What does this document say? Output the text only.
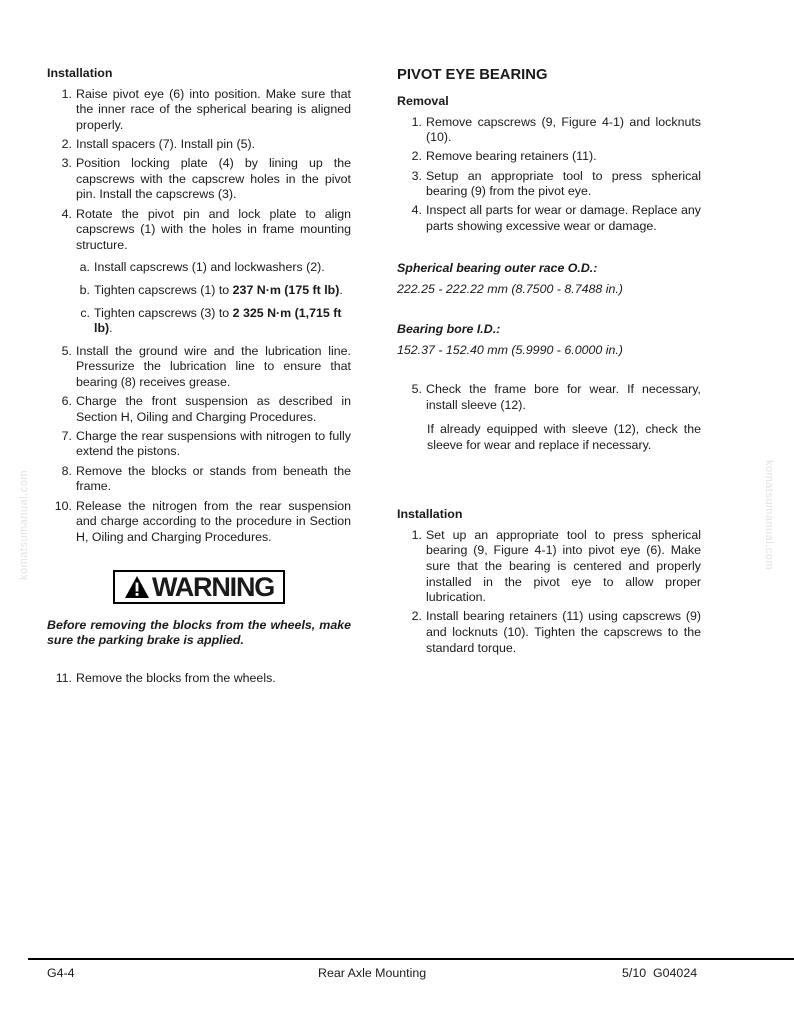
komatsumanual.com	komatsumanual.com

Installation

1. Raise pivot eye (6) into position. Make sure that the inner race of the spherical bearing is aligned properly.
2. Install spacers (7). Install pin (5).
3. Position locking plate (4) by lining up the capscrews with the capscrew holes in the pivot pin. Install the capscrews (3).
4. Rotate the pivot pin and lock plate to align capscrews (1) with the holes in frame mounting structure.
a. Install capscrews (1) and lockwashers (2).
b. Tighten capscrews (1) to 237 N·m (175 ft lb).
c. Tighten capscrews (3) to 2 325 N·m (1,715 ft lb).
5. Install the ground wire and the lubrication line. Pressurize the lubrication line to ensure that bearing (8) receives grease.
6. Charge the front suspension as described in Section H, Oiling and Charging Procedures.
7. Charge the rear suspensions with nitrogen to fully extend the pistons.
8. Remove the blocks or stands from beneath the frame.
10. Release the nitrogen from the rear suspension and charge according to the procedure in Section H, Oiling and Charging Procedures.
WARNING

Before removing the blocks from the wheels, make sure the parking brake is applied.

11. Remove the blocks from the wheels.

PIVOT EYE BEARING

Removal

1. Remove capscrews (9, Figure 4-1) and locknuts (10).
2. Remove bearing retainers (11).
3. Setup an appropriate tool to press spherical bearing (9) from the pivot eye.
4. Inspect all parts for wear or damage. Replace any parts showing excessive wear or damage.

Spherical bearing outer race O.D.:

222.25 - 222.22 mm (8.7500 - 8.7488 in.)

Bearing bore I.D.:

152.37 - 152.40 mm (5.9990 - 6.0000 in.)

5. Check the frame bore for wear. If necessary, install sleeve (12).

If already equipped with sleeve (12), check the sleeve for wear and replace if necessary.

Installation

1. Set up an appropriate tool to press spherical bearing (9, Figure 4-1) into pivot eye (6). Make sure that the bearing is centered and properly installed in the pivot eye to allow proper lubrication.
2. Install bearing retainers (11) using capscrews (9) and locknuts (10). Tighten the capscrews to the standard torque.
G4-4	Rear Axle Mounting	5/10 G04024
